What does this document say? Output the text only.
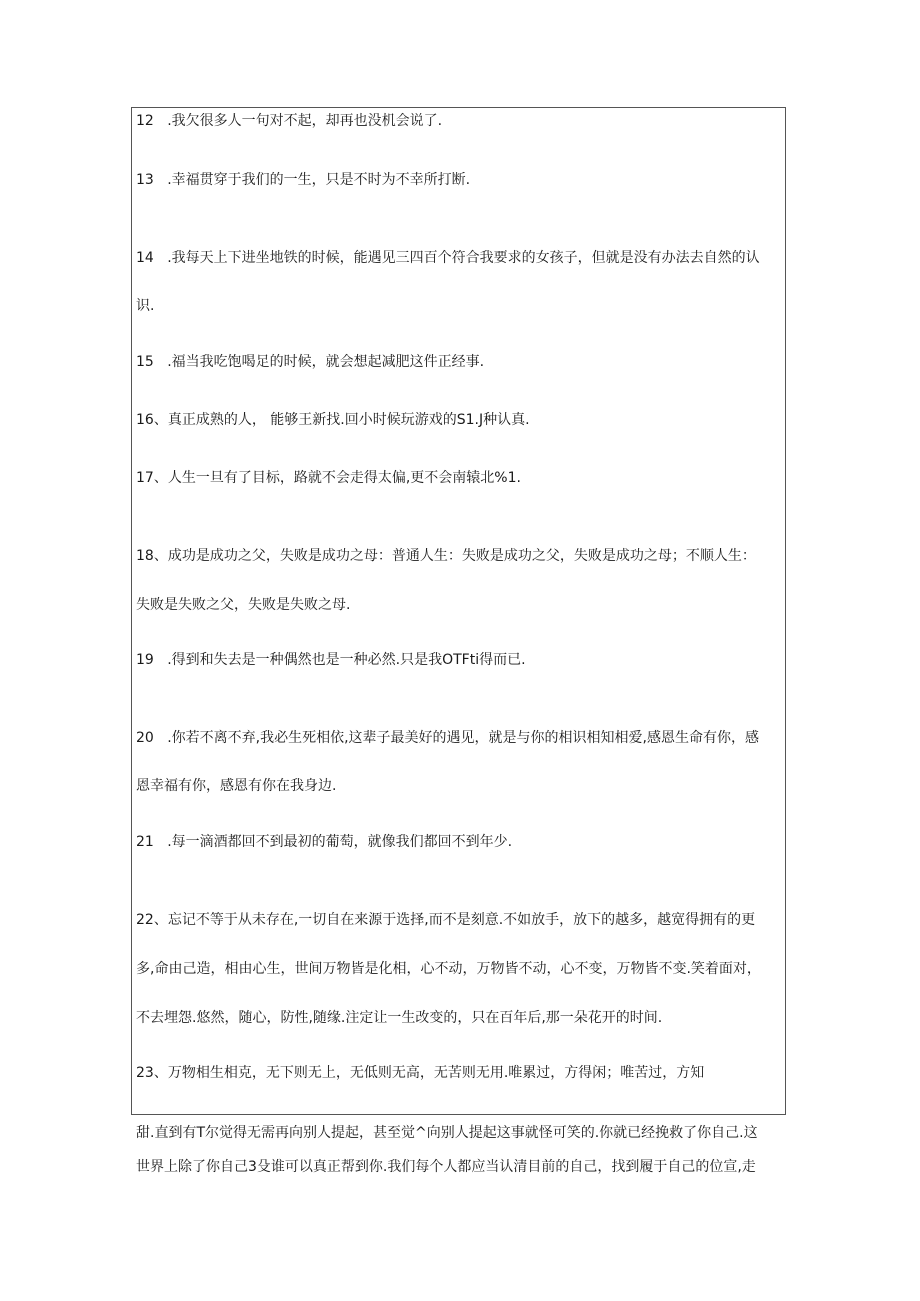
12 .我欠很多人一句对不起，却再也没机会说了.
13 .幸福贯穿于我们的一生，只是不时为不幸所打断.
14 .我每天上下进坐地铁的时候，能遇见三四百个符合我要求的女孩子，但就是没有办法去自然的认
识.
15 .福当我吃饱喝足的时候，就会想起减肥这件正经事.
16、真正成熟的人， 能够王新找.回小时候玩游戏的S1.J种认真.
17、人生一旦有了目标，路就不会走得太偏,更不会南辕北%1.
18、成功是成功之父，失败是成功之母：普通人生：失败是成功之父，失败是成功之母；不顺人生：
失败是失败之父，失败是失败之母.
19 .得到和失去是一种偶然也是一种必然.只是我OTFti得而已.
20 .你若不离不弃,我必生死相依,这辈子最美好的遇见，就是与你的相识相知相爱,感恩生命有你，感
恩幸福有你，感恩有你在我身边.
21 .每一滴酒都回不到最初的葡萄，就像我们都回不到年少.
22、忘记不等于从未存在,一切自在来源于选择,而不是刻意.不如放手，放下的越多，越宽得拥有的更
多,命由己造，相由心生，世间万物皆是化相，心不动，万物皆不动，心不变，万物皆不变.笑着面对，
不去埋怨.悠然，随心，防性,随缘.注定让一生改变的，只在百年后,那一朵花开的时间.
23、万物相生相克，无下则无上，无低则无高，无苦则无用.唯累过，方得闲；唯苦过，方知
甜.直到有T尔觉得无需再向别人提起，甚至觉^向别人提起这事就怪可笑的.你就已经挽救了你自己.这
世界上除了你自己3殳谁可以真正帮到你.我们每个人都应当认清目前的自己，找到履于自己的位宣,走
